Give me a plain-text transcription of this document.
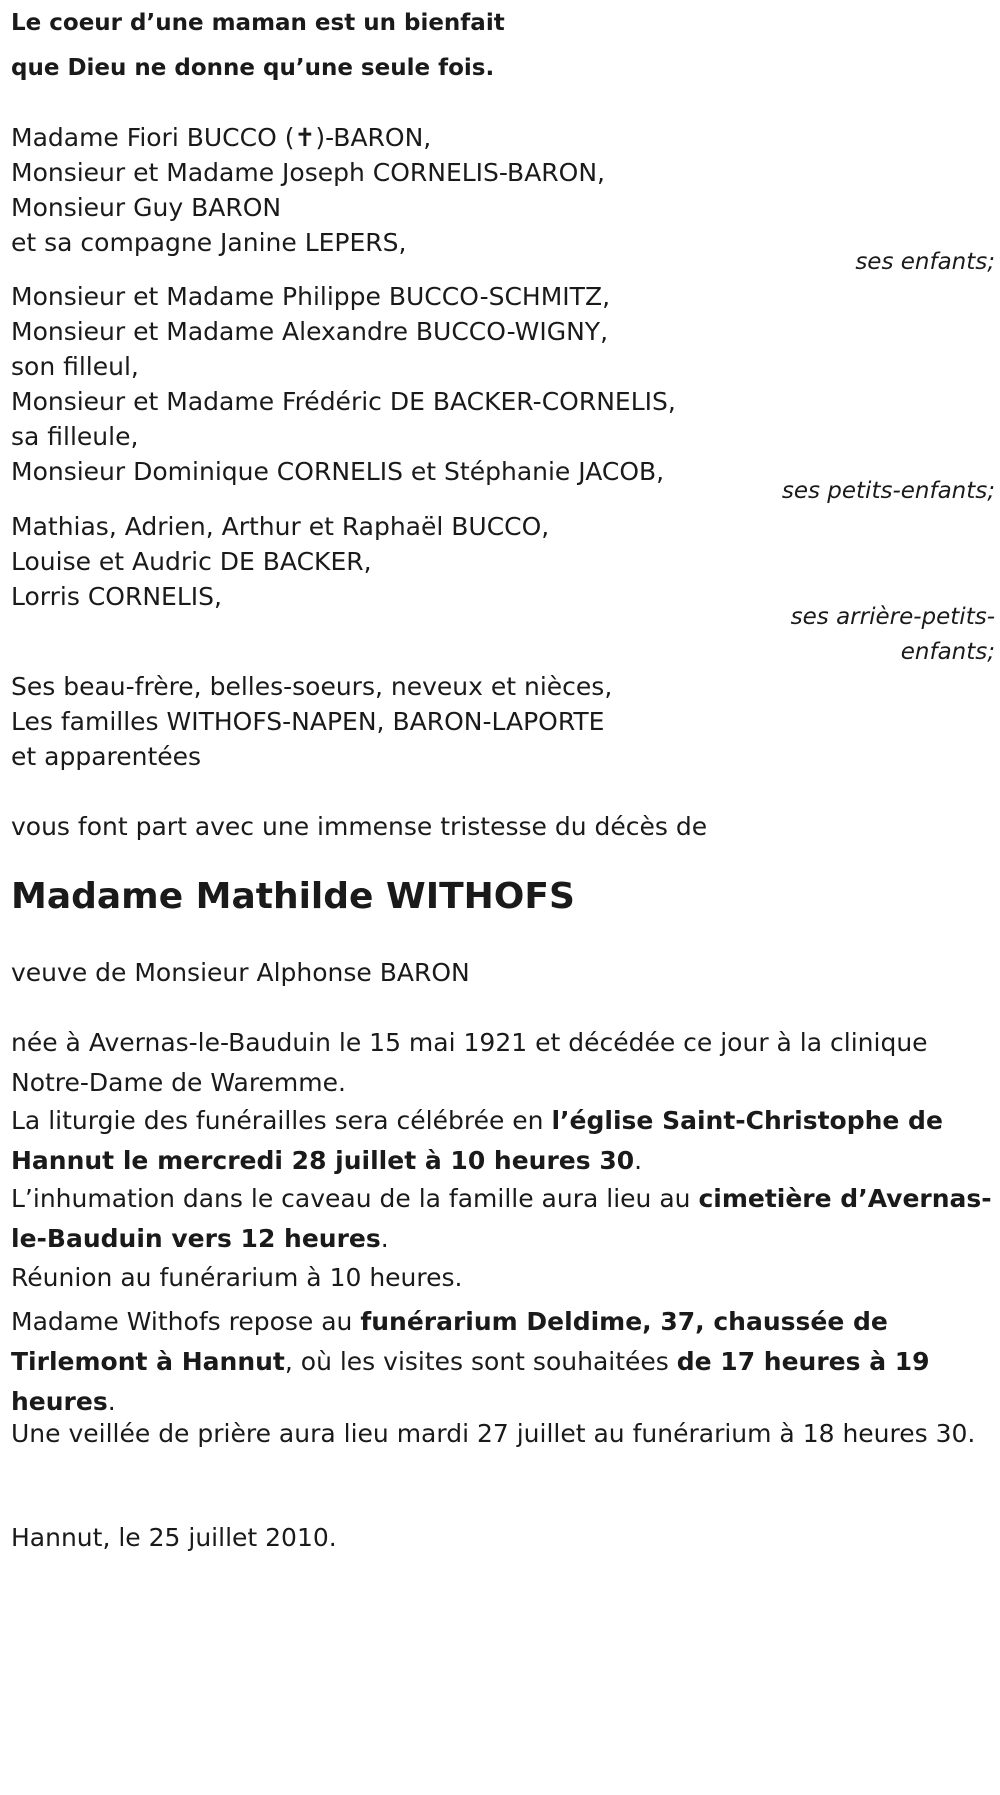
Le coeur d’une maman est un bienfait
que Dieu ne donne qu’une seule fois.
Madame Fiori BUCCO (✝)-BARON,
Monsieur et Madame Joseph CORNELIS-BARON,
Monsieur Guy BARON
et sa compagne Janine LEPERS,
ses enfants;
Monsieur et Madame Philippe BUCCO-SCHMITZ,
Monsieur et Madame Alexandre BUCCO-WIGNY,
son filleul,
Monsieur et Madame Frédéric DE BACKER-CORNELIS,
sa filleule,
Monsieur Dominique CORNELIS et Stéphanie JACOB,
ses petits-enfants;
Mathias, Adrien, Arthur et Raphaël BUCCO,
Louise et Audric DE BACKER,
Lorris CORNELIS,
ses arrière-petits-
enfants;
Ses beau-frère, belles-soeurs, neveux et nièces,
Les familles WITHOFS-NAPEN, BARON-LAPORTE
et apparentées
vous font part avec une immense tristesse du décès de
Madame Mathilde WITHOFS
veuve de Monsieur Alphonse BARON

née à Avernas-le-Bauduin le 15 mai 1921 et décédée ce jour à la clinique Notre-Dame de Waremme.

La liturgie des funérailles sera célébrée en l’église Saint-Christophe de Hannut le mercredi 28 juillet à 10 heures 30.
L’inhumation dans le caveau de la famille aura lieu au cimetière d’Avernas-le-Bauduin vers 12 heures.
Réunion au funérarium à 10 heures.
Madame Withofs repose au funérarium Deldime, 37, chaussée de Tirlemont à Hannut, où les visites sont souhaitées de 17 heures à 19 heures.

Une veillée de prière aura lieu mardi 27 juillet au funérarium à 18 heures 30.

Hannut, le 25 juillet 2010.
